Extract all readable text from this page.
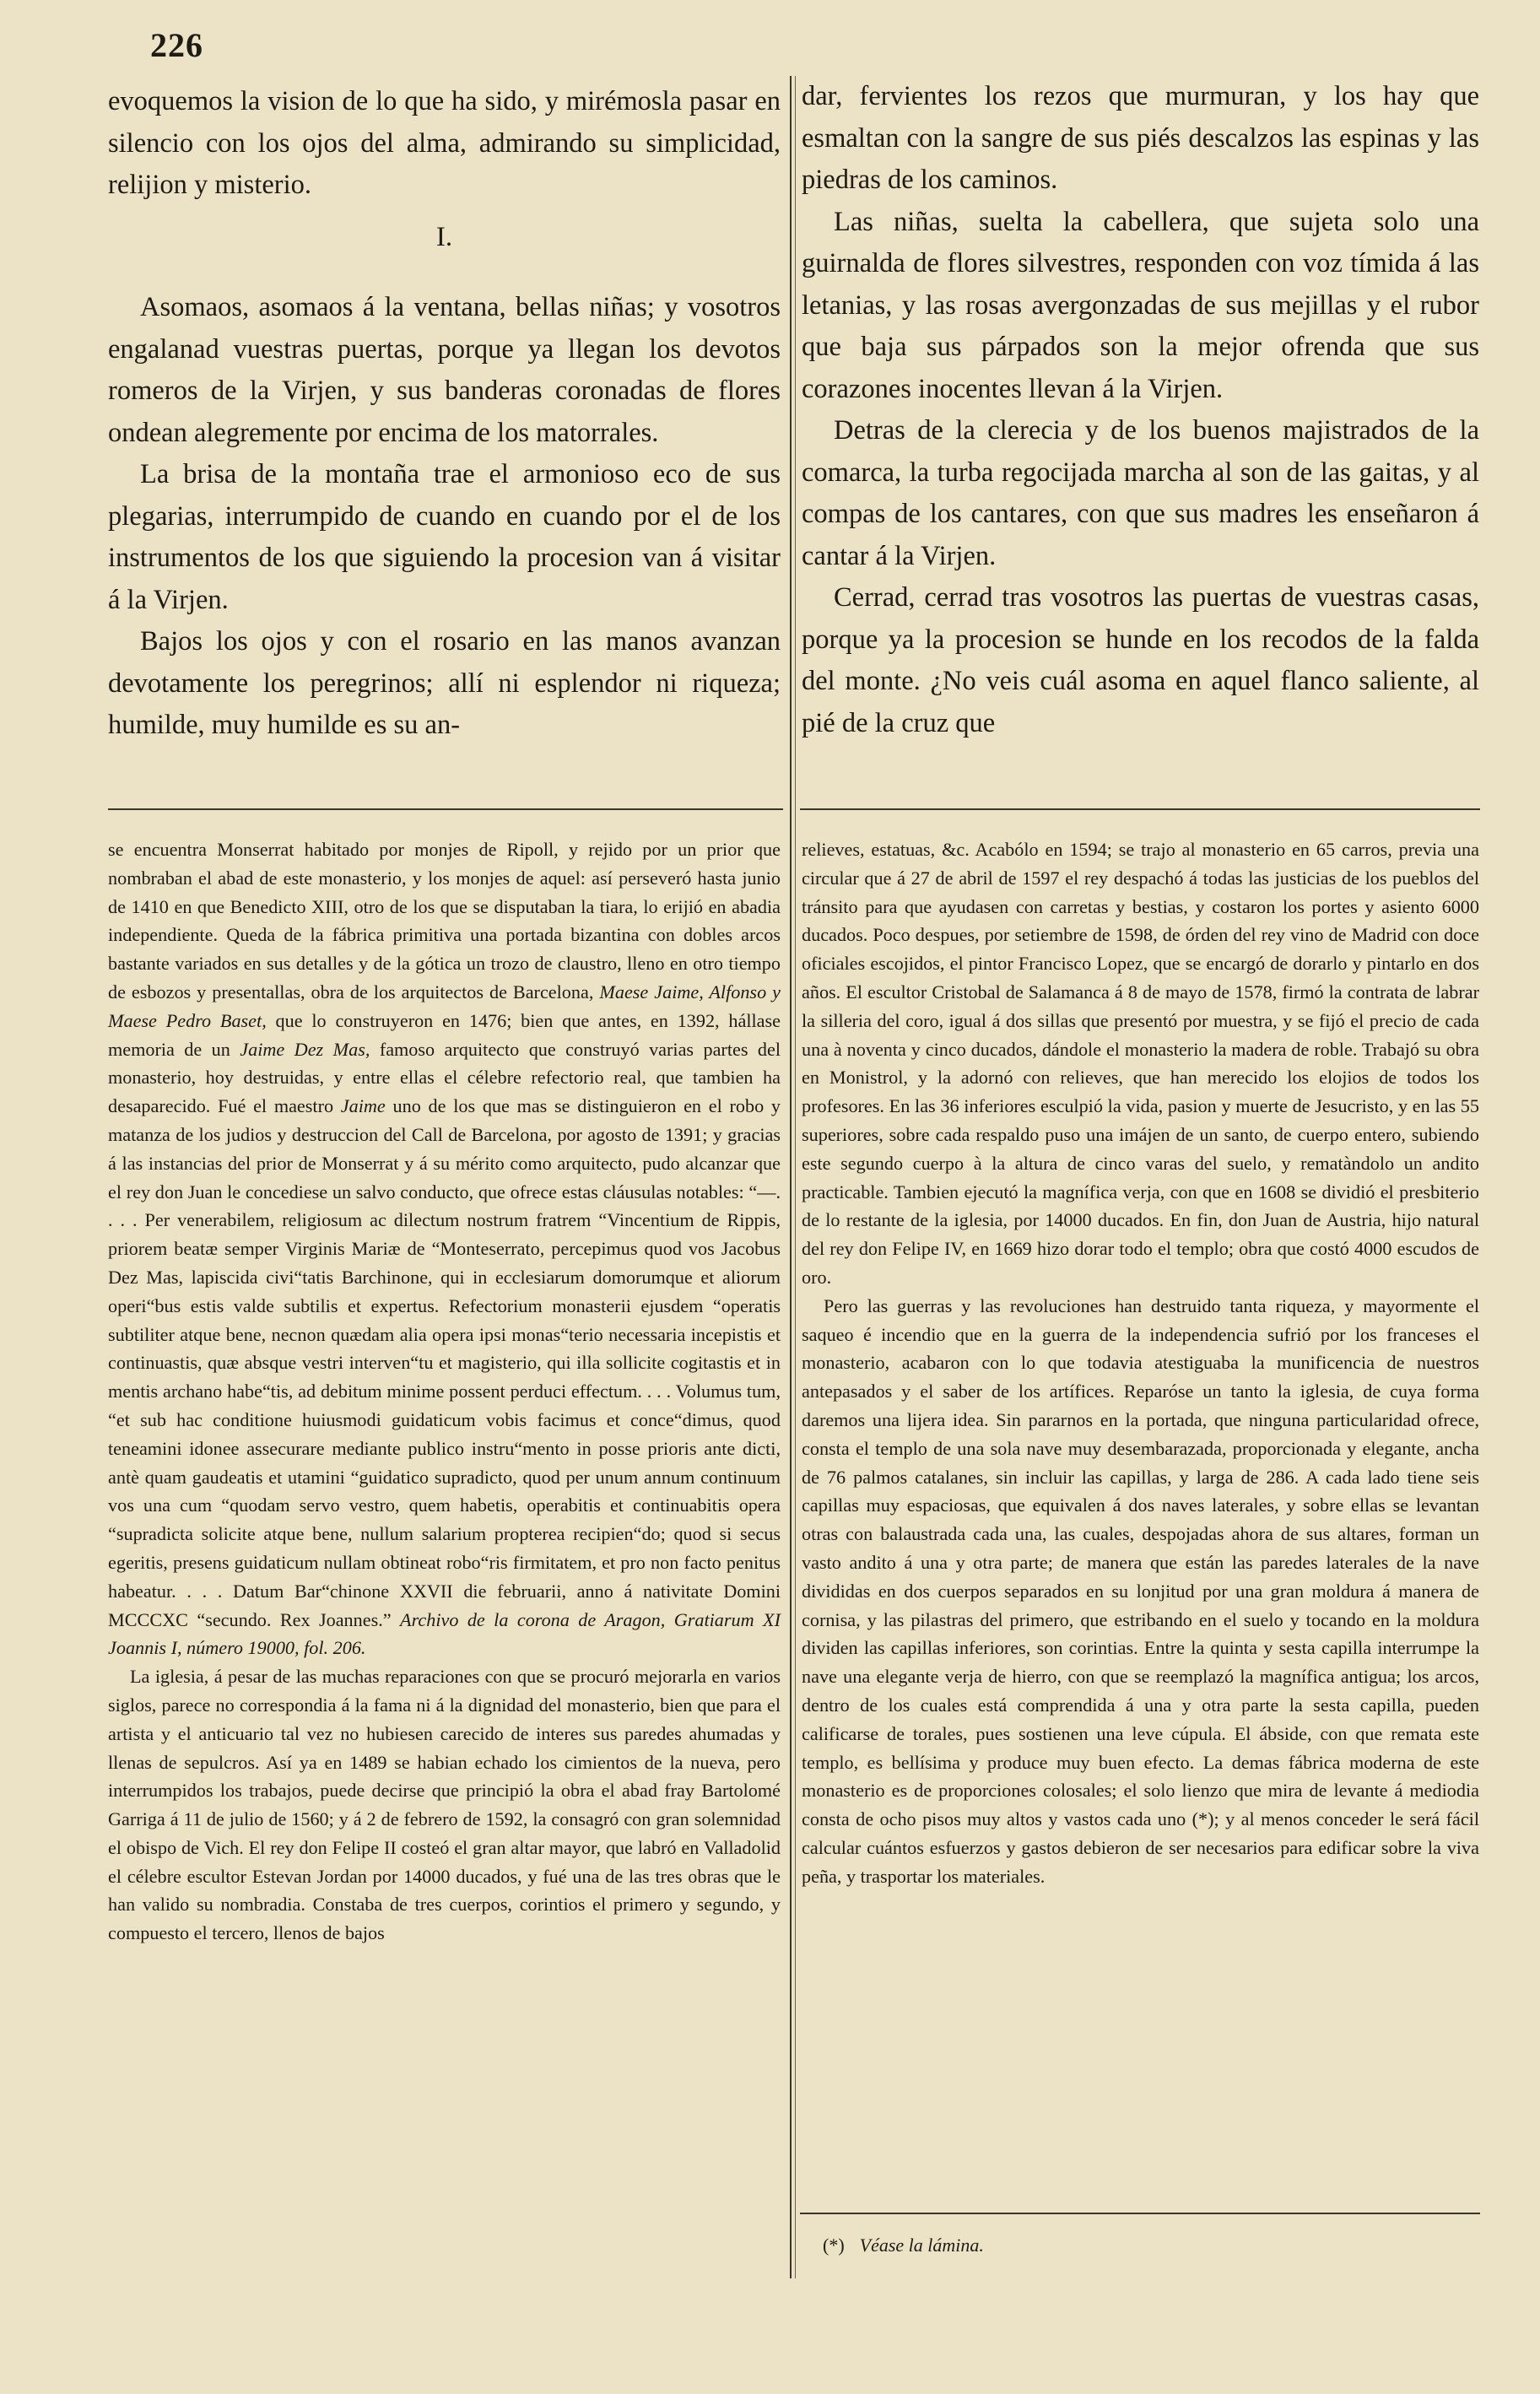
226

evoquemos la vision de lo que ha sido, y mirémosla pasar en silencio con los ojos del alma, admirando su simplicidad, relijion y misterio.

I.

Asomaos, asomaos á la ventana, bellas niñas; y vosotros engalanad vuestras puertas, porque ya llegan los devotos romeros de la Virjen, y sus banderas coronadas de flores ondean alegremente por encima de los matorrales.

La brisa de la montaña trae el armonioso eco de sus plegarias, interrumpido de cuando en cuando por el de los instrumentos de los que siguiendo la procesion van á visitar á la Virjen.

Bajos los ojos y con el rosario en las manos avanzan devotamente los peregrinos; allí ni esplendor ni riqueza; humilde, muy humilde es su an-

dar, fervientes los rezos que murmuran, y los hay que esmaltan con la sangre de sus piés descalzos las espinas y las piedras de los caminos.

Las niñas, suelta la cabellera, que sujeta solo una guirnalda de flores silvestres, responden con voz tímida á las letanias, y las rosas avergonzadas de sus mejillas y el rubor que baja sus párpados son la mejor ofrenda que sus corazones inocentes llevan á la Virjen.

Detras de la clerecia y de los buenos majistrados de la comarca, la turba regocijada marcha al son de las gaitas, y al compas de los cantares, con que sus madres les enseñaron á cantar á la Virjen.

Cerrad, cerrad tras vosotros las puertas de vuestras casas, porque ya la procesion se hunde en los recodos de la falda del monte. ¿No veis cuál asoma en aquel flanco saliente, al pié de la cruz que

se encuentra Monserrat habitado por monjes de Ripoll, y rejido por un prior que nombraban el abad de este monasterio, y los monjes de aquel: así perseveró hasta junio de 1410 en que Benedicto XIII, otro de los que se disputaban la tiara, lo erijió en abadia independiente. Queda de la fábrica primitiva una portada bizantina con dobles arcos bastante variados en sus detalles y de la gótica un trozo de claustro, lleno en otro tiempo de esbozos y presentallas, obra de los arquitectos de Barcelona, Maese Jaime, Alfonso y Maese Pedro Baset, que lo construyeron en 1476; bien que antes, en 1392, hállase memoria de un Jaime Dez Mas, famoso arquitecto que construyó varias partes del monasterio, hoy destruidas, y entre ellas el célebre refectorio real, que tambien ha desaparecido. Fué el maestro Jaime uno de los que mas se distinguieron en el robo y matanza de los judios y destruccion del Call de Barcelona, por agosto de 1391; y gracias á las instancias del prior de Monserrat y á su mérito como arquitecto, pudo alcanzar que el rey don Juan le concediese un salvo conducto, que ofrece estas cláusulas notables: “—. . . . Per venerabilem, religiosum ac dilectum nostrum fratrem “Vincentium de Rippis, priorem beatæ semper Virginis Mariæ de “Monteserrato, percepimus quod vos Jacobus Dez Mas, lapiscida civi“tatis Barchinone, qui in ecclesiarum domorumque et aliorum operi“bus estis valde subtilis et expertus. Refectorium monasterii ejusdem “operatis subtiliter atque bene, necnon quædam alia opera ipsi monas“terio necessaria incepistis et continuastis, quæ absque vestri interven“tu et magisterio, qui illa sollicite cogitastis et in mentis archano habe“tis, ad debitum minime possent perduci effectum. . . . Volumus tum, “et sub hac conditione huiusmodi guidaticum vobis facimus et conce“dimus, quod teneamini idonee assecurare mediante publico instru“mento in posse prioris ante dicti, antè quam gaudeatis et utamini “guidatico supradicto, quod per unum annum continuum vos una cum “quodam servo vestro, quem habetis, operabitis et continuabitis opera “supradicta solicite atque bene, nullum salarium propterea recipien“do; quod si secus egeritis, presens guidaticum nullam obtineat robo“ris firmitatem, et pro non facto penitus habeatur. . . . Datum Bar“chinone XXVII die februarii, anno á nativitate Domini MCCCXC “secundo. Rex Joannes.” Archivo de la corona de Aragon, Gratiarum XI Joannis I, número 19000, fol. 206.

La iglesia, á pesar de las muchas reparaciones con que se procuró mejorarla en varios siglos, parece no correspondia á la fama ni á la dignidad del monasterio, bien que para el artista y el anticuario tal vez no hubiesen carecido de interes sus paredes ahumadas y llenas de sepulcros. Así ya en 1489 se habian echado los cimientos de la nueva, pero interrumpidos los trabajos, puede decirse que principió la obra el abad fray Bartolomé Garriga á 11 de julio de 1560; y á 2 de febrero de 1592, la consagró con gran solemnidad el obispo de Vich. El rey don Felipe II costeó el gran altar mayor, que labró en Valladolid el célebre escultor Estevan Jordan por 14000 ducados, y fué una de las tres obras que le han valido su nombradia. Constaba de tres cuerpos, corintios el primero y segundo, y compuesto el tercero, llenos de bajos

relieves, estatuas, &c. Acabólo en 1594; se trajo al monasterio en 65 carros, previa una circular que á 27 de abril de 1597 el rey despachó á todas las justicias de los pueblos del tránsito para que ayudasen con carretas y bestias, y costaron los portes y asiento 6000 ducados. Poco despues, por setiembre de 1598, de órden del rey vino de Madrid con doce oficiales escojidos, el pintor Francisco Lopez, que se encargó de dorarlo y pintarlo en dos años. El escultor Cristobal de Salamanca á 8 de mayo de 1578, firmó la contrata de labrar la silleria del coro, igual á dos sillas que presentó por muestra, y se fijó el precio de cada una à noventa y cinco ducados, dándole el monasterio la madera de roble. Trabajó su obra en Monistrol, y la adornó con relieves, que han merecido los elojios de todos los profesores. En las 36 inferiores esculpió la vida, pasion y muerte de Jesucristo, y en las 55 superiores, sobre cada respaldo puso una imájen de un santo, de cuerpo entero, subiendo este segundo cuerpo à la altura de cinco varas del suelo, y rematàndolo un andito practicable. Tambien ejecutó la magnífica verja, con que en 1608 se dividió el presbiterio de lo restante de la iglesia, por 14000 ducados. En fin, don Juan de Austria, hijo natural del rey don Felipe IV, en 1669 hizo dorar todo el templo; obra que costó 4000 escudos de oro.

Pero las guerras y las revoluciones han destruido tanta riqueza, y mayormente el saqueo é incendio que en la guerra de la independencia sufrió por los franceses el monasterio, acabaron con lo que todavia atestiguaba la munificencia de nuestros antepasados y el saber de los artífices. Reparóse un tanto la iglesia, de cuya forma daremos una lijera idea. Sin pararnos en la portada, que ninguna particularidad ofrece, consta el templo de una sola nave muy desembarazada, proporcionada y elegante, ancha de 76 palmos catalanes, sin incluir las capillas, y larga de 286. A cada lado tiene seis capillas muy espaciosas, que equivalen á dos naves laterales, y sobre ellas se levantan otras con balaustrada cada una, las cuales, despojadas ahora de sus altares, forman un vasto andito á una y otra parte; de manera que están las paredes laterales de la nave divididas en dos cuerpos separados en su lonjitud por una gran moldura á manera de cornisa, y las pilastras del primero, que estribando en el suelo y tocando en la moldura dividen las capillas inferiores, son corintias. Entre la quinta y sesta capilla interrumpe la nave una elegante verja de hierro, con que se reemplazó la magnífica antigua; los arcos, dentro de los cuales está comprendida á una y otra parte la sesta capilla, pueden calificarse de torales, pues sostienen una leve cúpula. El ábside, con que remata este templo, es bellísima y produce muy buen efecto. La demas fábrica moderna de este monasterio es de proporciones colosales; el solo lienzo que mira de levante á mediodia consta de ocho pisos muy altos y vastos cada uno (*); y al menos conceder le será fácil calcular cuántos esfuerzos y gastos debieron de ser necesarios para edificar sobre la viva peña, y trasportar los materiales.

(*) Véase la lámina.
